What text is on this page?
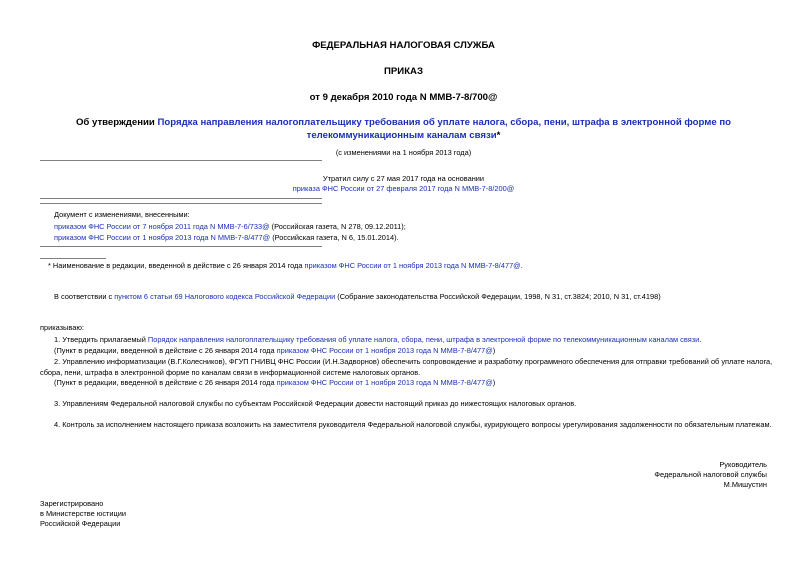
ФЕДЕРАЛЬНАЯ НАЛОГОВАЯ СЛУЖБА

ПРИКАЗ

от 9 декабря 2010 года N ММВ-7-8/700@

Об утверждении Порядка направления налогоплательщику требования об уплате налога, сбора, пени, штрафа в электронной форме по телекоммуникационным каналам связи*

(с изменениями на 1 ноября 2013 года)

Утратил силу с 27 мая 2017 года на основании

приказа ФНС России от 27 февраля 2017 года N ММВ-7-8/200@

Документ с изменениями, внесенными:

приказом ФНС России от 7 ноября 2011 года N ММВ-7-6/733@ (Российская газета, N 278, 09.12.2011);

приказом ФНС России от 1 ноября 2013 года N ММВ-7-8/477@ (Российская газета, N 6, 15.01.2014).

* Наименование в редакции, введенной в действие с 26 января 2014 года приказом ФНС России от 1 ноября 2013 года N ММВ-7-8/477@.

В соответствии с пунктом 6 статьи 69 Налогового кодекса Российской Федерации (Собрание законодательства Российской Федерации, 1998, N 31, ст.3824; 2010, N 31, ст.4198)

приказываю:

1. Утвердить прилагаемый Порядок направления налогоплательщику требования об уплате налога, сбора, пени, штрафа в электронной форме по телекоммуникационным каналам связи.

(Пункт в редакции, введенной в действие с 26 января 2014 года приказом ФНС России от 1 ноября 2013 года N ММВ-7-8/477@)

2. Управлению информатизации (В.Г.Колесников), ФГУП ГНИВЦ ФНС России (И.Н.Задворнов) обеспечить сопровождение и разработку программного обеспечения для отправки требований об уплате налога,

сбора, пени, штрафа в электронной форме по каналам связи в информационной системе налоговых органов.

(Пункт в редакции, введенной в действие с 26 января 2014 года приказом ФНС России от 1 ноября 2013 года N ММВ-7-8/477@)

3. Управлениям Федеральной налоговой службы по субъектам Российской Федерации довести настоящий приказ до нижестоящих налоговых органов.

4. Контроль за исполнением настоящего приказа возложить на заместителя руководителя Федеральной налоговой службы, курирующего вопросы урегулирования задолженности по обязательным платежам.

Руководитель

Федеральной налоговой службы

М.Мишустин

Зарегистрировано

в Министерстве юстиции

Российской Федерации
